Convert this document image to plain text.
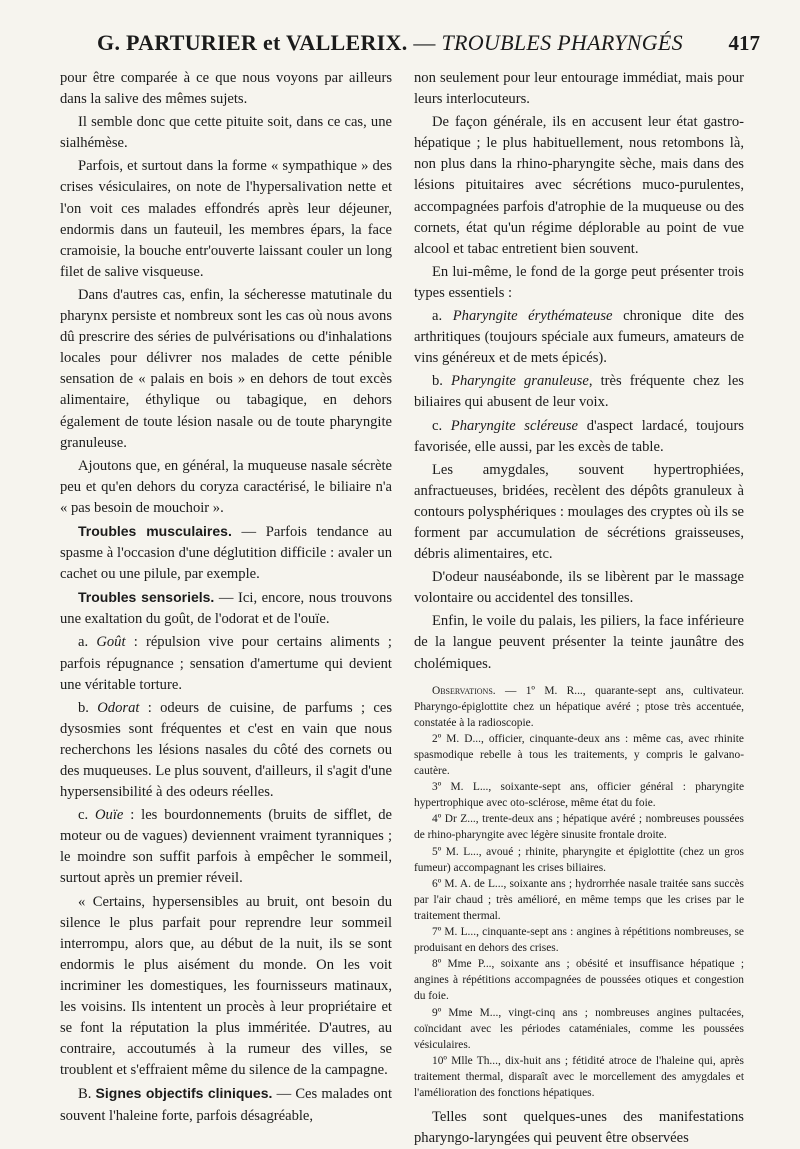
G. PARTURIER et VALLERIX. — TROUBLES PHARYNGÉS	417

pour être comparée à ce que nous voyons par ailleurs dans la salive des mêmes sujets.

Il semble donc que cette pituite soit, dans ce cas, une sialhémèse.

Parfois, et surtout dans la forme « sympathique » des crises vésiculaires, on note de l'hypersalivation nette et l'on voit ces malades effondrés après leur déjeuner, endormis dans un fauteuil, les membres épars, la face cramoisie, la bouche entr'ouverte laissant couler un long filet de salive visqueuse.

Dans d'autres cas, enfin, la sécheresse matutinale du pharynx persiste et nombreux sont les cas où nous avons dû prescrire des séries de pulvérisations ou d'inhalations locales pour délivrer nos malades de cette pénible sensation de « palais en bois » en dehors de tout excès alimentaire, éthylique ou tabagique, en dehors également de toute lésion nasale ou de toute pharyngite granuleuse.

Ajoutons que, en général, la muqueuse nasale sécrète peu et qu'en dehors du coryza caractérisé, le biliaire n'a « pas besoin de mouchoir ».

Troubles musculaires. — Parfois tendance au spasme à l'occasion d'une déglutition difficile : avaler un cachet ou une pilule, par exemple.

Troubles sensoriels. — Ici, encore, nous trouvons une exaltation du goût, de l'odorat et de l'ouïe.

a. Goût : répulsion vive pour certains aliments ; parfois répugnance ; sensation d'amertume qui devient une véritable torture.

b. Odorat : odeurs de cuisine, de parfums ; ces dysosmies sont fréquentes et c'est en vain que nous recherchons les lésions nasales du côté des cornets ou des muqueuses. Le plus souvent, d'ailleurs, il s'agit d'une hypersensibilité à des odeurs réelles.

c. Ouïe : les bourdonnements (bruits de sifflet, de moteur ou de vagues) deviennent vraiment tyranniques ; le moindre son suffit parfois à empêcher le sommeil, surtout après un premier réveil.

« Certains, hypersensibles au bruit, ont besoin du silence le plus parfait pour reprendre leur sommeil interrompu, alors que, au début de la nuit, ils se sont endormis le plus aisément du monde. On les voit incriminer les domestiques, les fournisseurs matinaux, les voisins. Ils intentent un procès à leur propriétaire et se font la réputation la plus imméritée. D'autres, au contraire, accoutumés à la rumeur des villes, se troublent et s'effraient même du silence de la campagne.

B. Signes objectifs cliniques. — Ces malades ont souvent l'haleine forte, parfois désagréable,

non seulement pour leur entourage immédiat, mais pour leurs interlocuteurs.

De façon générale, ils en accusent leur état gastro-hépatique ; le plus habituellement, nous retombons là, non plus dans la rhino-pharyngite sèche, mais dans des lésions pituitaires avec sécrétions muco-purulentes, accompagnées parfois d'atrophie de la muqueuse ou des cornets, état qu'un régime déplorable au point de vue alcool et tabac entretient bien souvent.

En lui-même, le fond de la gorge peut présenter trois types essentiels :

a. Pharyngite érythémateuse chronique dite des arthritiques (toujours spéciale aux fumeurs, amateurs de vins généreux et de mets épicés).

b. Pharyngite granuleuse, très fréquente chez les biliaires qui abusent de leur voix.

c. Pharyngite scléreuse d'aspect lardacé, toujours favorisée, elle aussi, par les excès de table.

Les amygdales, souvent hypertrophiées, anfractueuses, bridées, recèlent des dépôts granuleux à contours polysphériques : moulages des cryptes où ils se forment par accumulation de sécrétions graisseuses, débris alimentaires, etc.

D'odeur nauséabonde, ils se libèrent par le massage volontaire ou accidentel des tonsilles.

Enfin, le voile du palais, les piliers, la face inférieure de la langue peuvent présenter la teinte jaunâtre des cholémiques.

Observations. — 1º M. R..., quarante-sept ans, cultivateur. Pharyngo-épiglottite chez un hépatique avéré ; ptose très accentuée, constatée à la radioscopie.

2º M. D..., officier, cinquante-deux ans : même cas, avec rhinite spasmodique rebelle à tous les traitements, y compris le galvano-cautère.

3º M. L..., soixante-sept ans, officier général : pharyngite hypertrophique avec oto-sclérose, même état du foie.

4º Dr Z..., trente-deux ans ; hépatique avéré ; nombreuses poussées de rhino-pharyngite avec légère sinusite frontale droite.

5º M. L..., avoué ; rhinite, pharyngite et épiglottite (chez un gros fumeur) accompagnant les crises biliaires.

6º M. A. de L..., soixante ans ; hydrorrhée nasale traitée sans succès par l'air chaud ; très amélioré, en même temps que les crises par le traitement thermal.

7º M. L..., cinquante-sept ans : angines à répétitions nombreuses, se produisant en dehors des crises.

8º Mme P..., soixante ans ; obésité et insuffisance hépatique ; angines à répétitions accompagnées de poussées otiques et congestion du foie.

9º Mme M..., vingt-cinq ans ; nombreuses angines pultacées, coïncidant avec les périodes cataméniales, comme les poussées vésiculaires.

10º Mlle Th..., dix-huit ans ; fétidité atroce de l'haleine qui, après traitement thermal, disparaît avec le morcellement des amygdales et l'amélioration des fonctions hépatiques.

Telles sont quelques-unes des manifestations pharyngo-laryngées qui peuvent être observées
